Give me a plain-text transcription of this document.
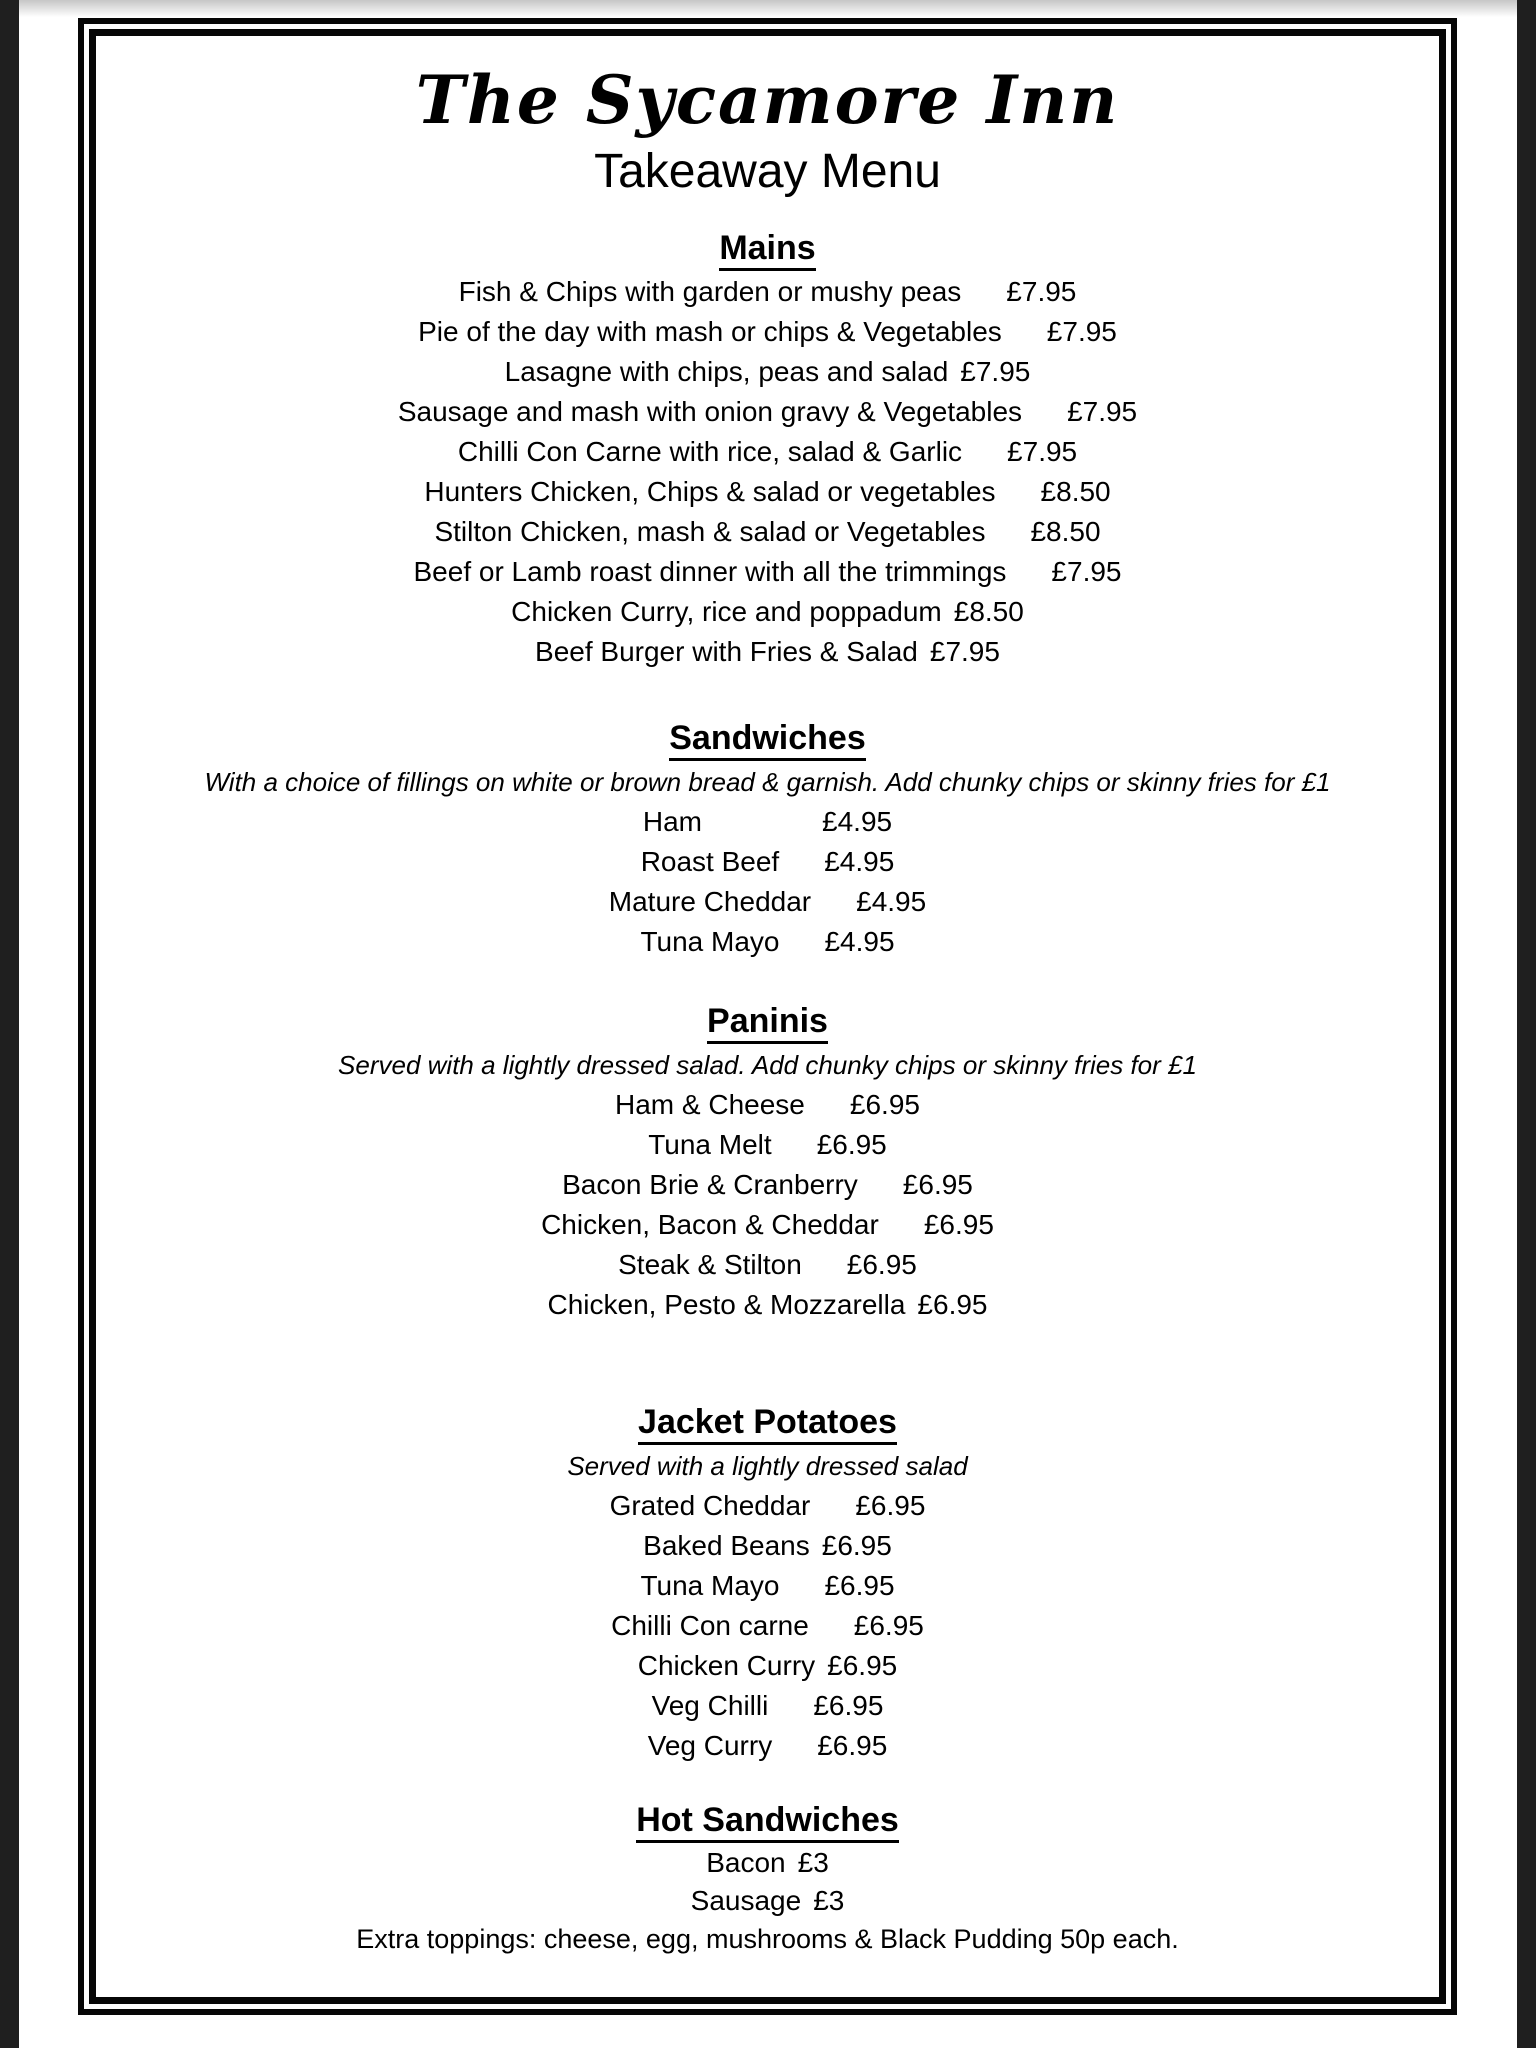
The Sycamore Inn
Takeaway Menu
Mains
Fish & Chips with garden or mushy peas £7.95
Pie of the day with mash or chips & Vegetables £7.95
Lasagne with chips, peas and salad £7.95
Sausage and mash with onion gravy & Vegetables £7.95
Chilli Con Carne with rice, salad & Garlic £7.95
Hunters Chicken, Chips & salad or vegetables £8.50
Stilton Chicken, mash & salad or Vegetables £8.50
Beef or Lamb roast dinner with all the trimmings £7.95
Chicken Curry, rice and poppadum £8.50
Beef Burger with Fries & Salad £7.95
Sandwiches
With a choice of fillings on white or brown bread & garnish. Add chunky chips or skinny fries for £1
Ham	£4.95
Roast Beef £4.95
Mature Cheddar £4.95
Tuna Mayo £4.95
Paninis
Served with a lightly dressed salad. Add chunky chips or skinny fries for £1
Ham & Cheese £6.95
Tuna Melt £6.95
Bacon Brie & Cranberry £6.95
Chicken, Bacon & Cheddar £6.95
Steak & Stilton £6.95
Chicken, Pesto & Mozzarella £6.95
Jacket Potatoes
Served with a lightly dressed salad
Grated Cheddar £6.95
Baked Beans £6.95
Tuna Mayo £6.95
Chilli Con carne £6.95
Chicken Curry £6.95
Veg Chilli £6.95
Veg Curry £6.95
Hot Sandwiches
Bacon £3
Sausage £3
Extra toppings: cheese, egg, mushrooms & Black Pudding 50p each.
